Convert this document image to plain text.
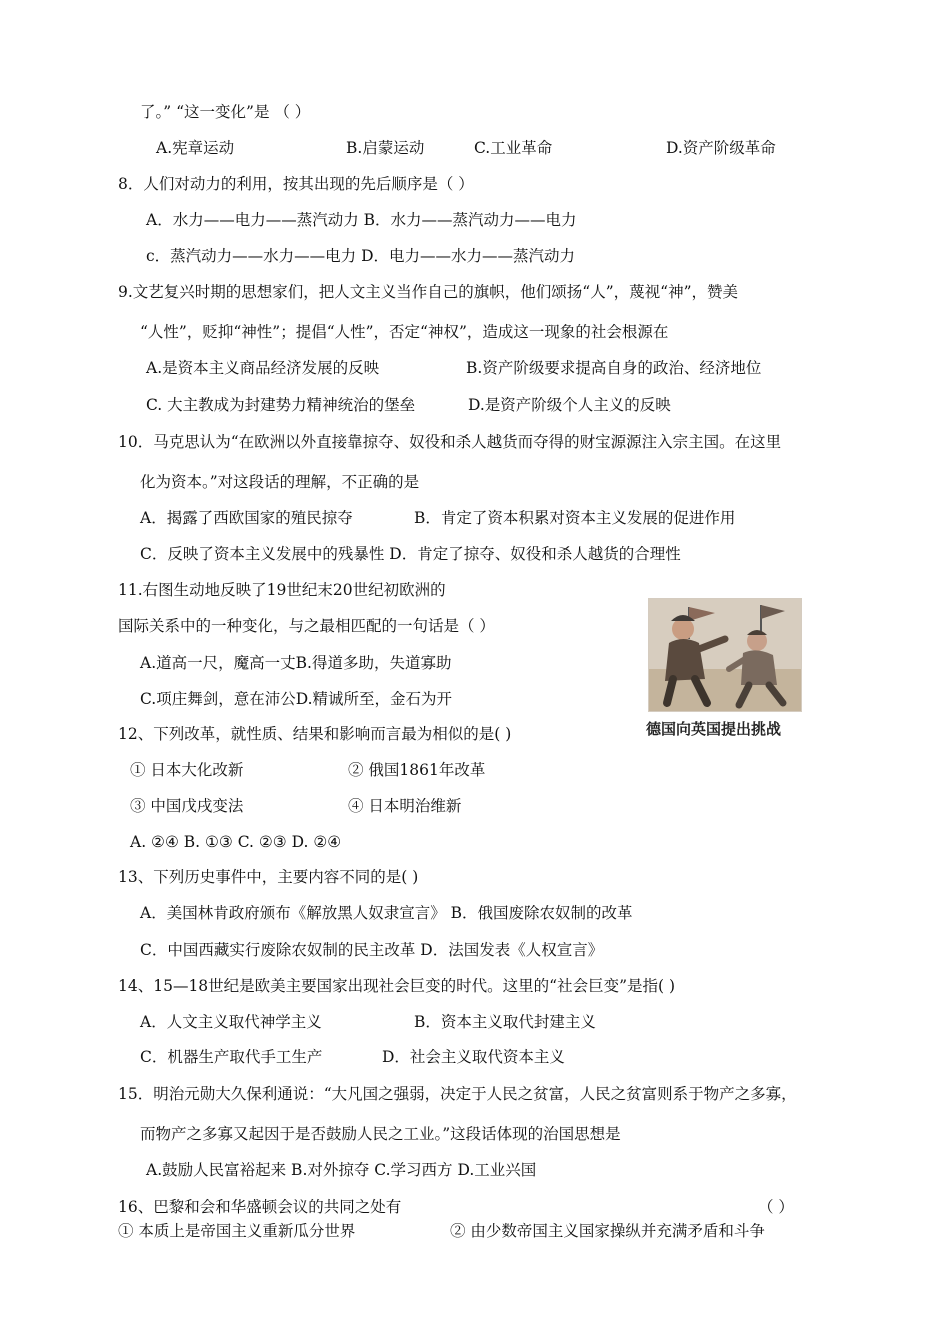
了。” “这一变化”是 （ ）
A.宪章运动	B.启蒙运动	C.工业革命	D.资产阶级革命
8．人们对动力的利用，按其出现的先后顺序是（ ）
A．水力——电力——蒸汽动力 B．水力——蒸汽动力——电力
c．蒸汽动力——水力——电力 D．电力——水力——蒸汽动力
9.文艺复兴时期的思想家们，把人文主义当作自己的旗帜，他们颂扬“人”，蔑视“神”，赞美
“人性”，贬抑“神性”；提倡“人性”，否定“神权”，造成这一现象的社会根源在
A.是资本主义商品经济发展的反映	B.资产阶级要求提高自身的政治、经济地位
C. 大主教成为封建势力精神统治的堡垒	D.是资产阶级个人主义的反映
10．马克思认为“在欧洲以外直接靠掠夺、奴役和杀人越货而夺得的财宝源源注入宗主国。在这里
化为资本。”对这段话的理解，不正确的是
A．揭露了西欧国家的殖民掠夺	B．肯定了资本积累对资本主义发展的促进作用
C．反映了资本主义发展中的残暴性 D．肯定了掠夺、奴役和杀人越货的合理性
11.右图生动地反映了19世纪末20世纪初欧洲的
国际关系中的一种变化，与之最相匹配的一句话是（ ）
A.道高一尺，魔高一丈B.得道多助，失道寡助
C.项庄舞剑，意在沛公D.精诚所至，金石为开
德国向英国提出挑战
12、下列改革，就性质、结果和影响而言最为相似的是( )
① 日本大化改新	② 俄国1861年改革
③ 中国戊戌变法	④ 日本明治维新
A. ②④ B. ①③ C. ②③ D. ②④
13、下列历史事件中，主要内容不同的是( )
A．美国林肯政府颁布《解放黑人奴隶宣言》 B．俄国废除农奴制的改革
C．中国西藏实行废除农奴制的民主改革 D．法国发表《人权宣言》
14、15—18世纪是欧美主要国家出现社会巨变的时代。这里的“社会巨变”是指( )
A．人文主义取代神学主义	B．资本主义取代封建主义
C．机器生产取代手工生产	D．社会主义取代资本主义
15．明治元勋大久保利通说：“大凡国之强弱，决定于人民之贫富，人民之贫富则系于物产之多寡，
而物产之多寡又起因于是否鼓励人民之工业。”这段话体现的治国思想是
A.鼓励人民富裕起来 B.对外掠夺 C.学习西方 D.工业兴国
16、巴黎和会和华盛顿会议的共同之处有	（ ）
① 本质上是帝国主义重新瓜分世界	② 由少数帝国主义国家操纵并充满矛盾和斗争
